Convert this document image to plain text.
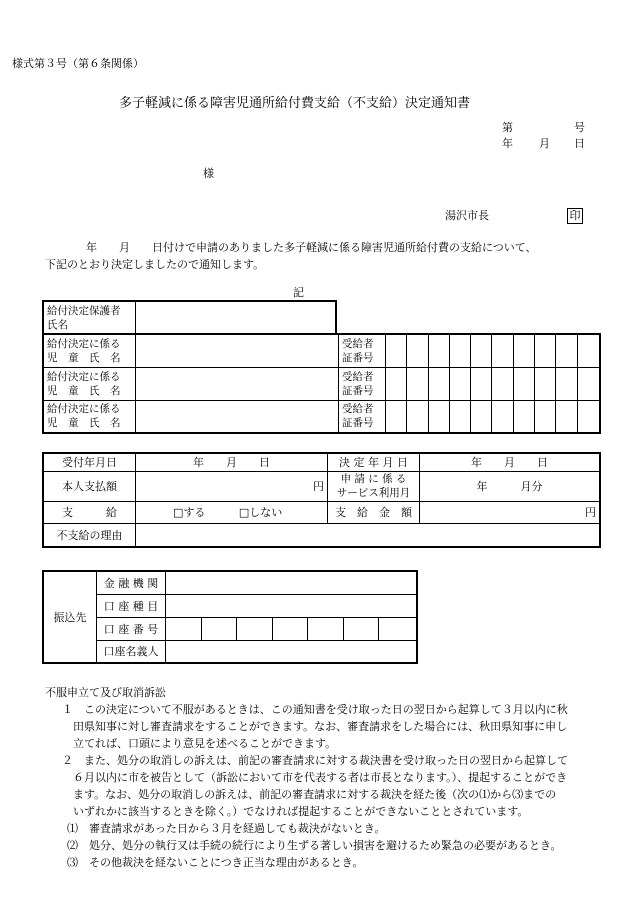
様式第３号（第６条関係）
多子軽減に係る障害児通所給付費支給（不支給）決定通知書
第	号
年 月 日
様
湯沢市長	印
年　　月　　日付けで申請のありました多子軽減に係る障害児通所給付費の支給について、
下記のとおり決定しましたので通知します。
記
給付決定保護者
氏名	
給付決定に係る
児　童　氏　名		受給者
証番号										
給付決定に係る
児　童　氏　名		受給者
証番号										
給付決定に係る
児　童　氏　名		受給者
証番号										
受付年月日	年　　月　　日	決 定 年 月 日	年　　月　　日
本人支払額	円	申 請 に 係 る
サービス利用月	年　　　月分
支　　　給	□する □しない	支　給　金　額	円
不支給の理由			
振込先	金 融 機 関							
	口 座 種 目							
	口 座 番 号							
	口座名義人							
不服申立て及び取消訴訟
１　この決定について不服があるときは、この通知書を受け取った日の翌日から起算して３月以内に秋
田県知事に対し審査請求をすることができます。なお、審査請求をした場合には、秋田県知事に申し
立てれば、口頭により意見を述べることができます。
２　また、処分の取消しの訴えは、前記の審査請求に対する裁決書を受け取った日の翌日から起算して
６月以内に市を被告として（訴訟において市を代表する者は市長となります。）、提起することができ
ます。なお、処分の取消しの訴えは、前記の審査請求に対する裁決を経た後（次の⑴から⑶までの
いずれかに該当するときを除く。）でなければ提起することができないこととされています。
⑴　審査請求があった日から３月を経過しても裁決がないとき。
⑵　処分、処分の執行又は手続の続行により生ずる著しい損害を避けるため緊急の必要があるとき。
⑶　その他裁決を経ないことにつき正当な理由があるとき。
